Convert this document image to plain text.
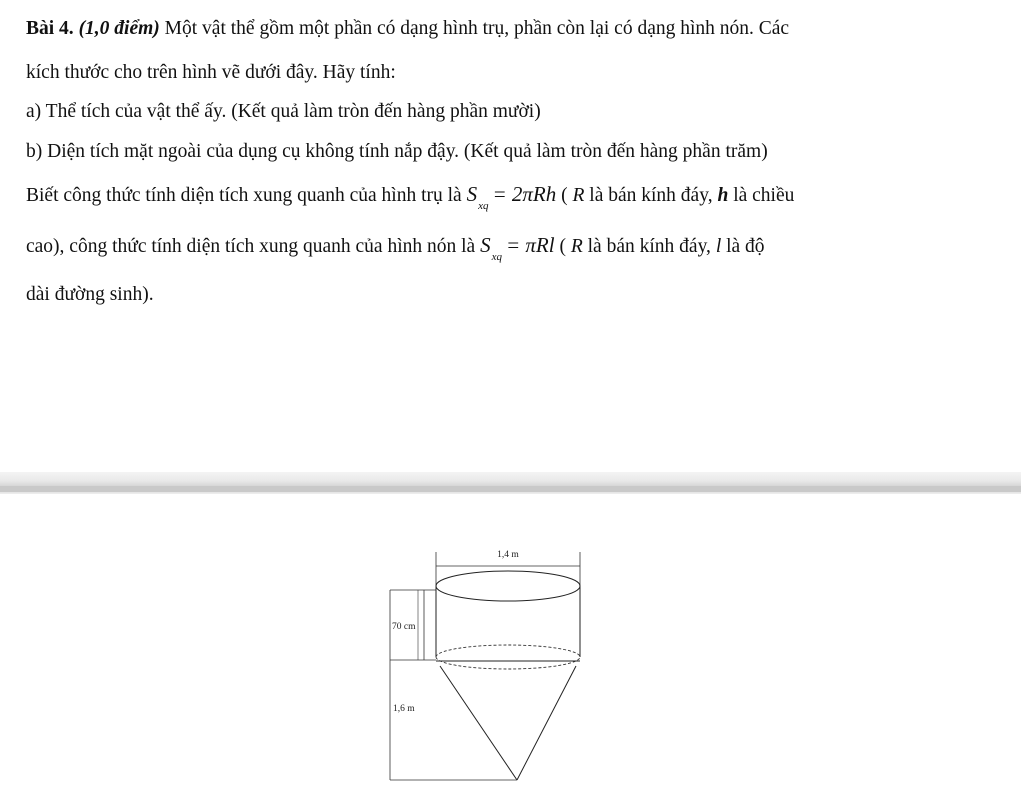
Bài 4. (1,0 điểm) Một vật thể gồm một phần có dạng hình trụ, phần còn lại có dạng hình nón. Các
kích thước cho trên hình vẽ dưới đây. Hãy tính:
a) Thể tích của vật thể ấy. (Kết quả làm tròn đến hàng phần mười)
b) Diện tích mặt ngoài của dụng cụ không tính nắp đậy. (Kết quả làm tròn đến hàng phần trăm)
Biết công thức tính diện tích xung quanh của hình trụ là $S_{xq} = 2\pi Rh$ ( R là bán kính đáy, h là chiều
cao), công thức tính diện tích xung quanh của hình nón là $S_{xq} = \pi Rl$ ( R là bán kính đáy, l là độ
dài đường sinh).
1,4 m
70 cm
1,6 m
